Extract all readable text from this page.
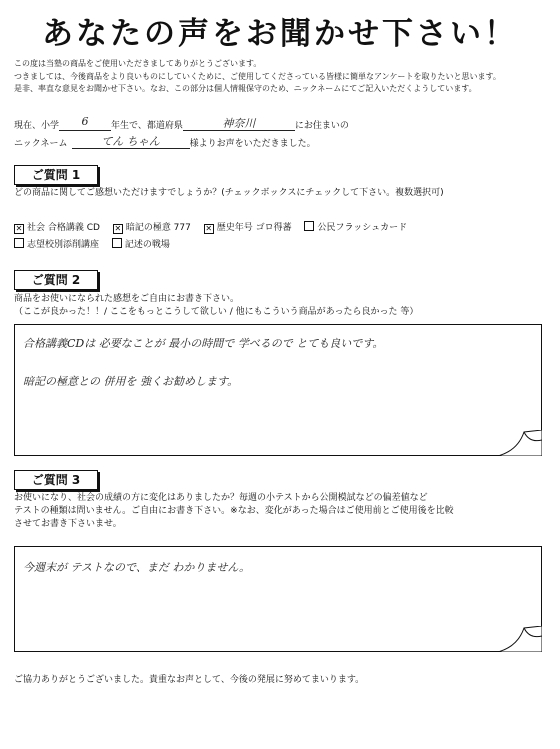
あなたの声をお聞かせ下さい！
この度は当塾の商品をご使用いただきましてありがとうございます。
つきましては、今後商品をより良いものにしていくために、ご使用してくださっている皆様に簡単なアンケートを取りたいと思います。
是非、率直な意見をお聞かせ下さい。なお、この部分は個人情報保守のため、ニックネームにてご記入いただくようしています。
現在、小学 6	年生で、都道府県	神奈川	にお住まいの
ニックネーム	てん ちゃん	様よりお声をいただきました。
ご質問 1
どの商品に関してご感想いただけますでしょうか？(チェックボックスにチェックして下さい。複数選択可)
✕ 社会 合格講義 CD ✕ 暗記の極意 777 ✕ 歴史年号 ゴロ得蕃	公民フラッシュカード
志望校別添削講座	記述の戦場
ご質問 2
商品をお使いになられた感想をご自由にお書き下さい。
（ここが良かった！！/ ここをもっとこうして欲しい / 他にもこういう商品があったら良かった 等）
合格講義CDは 必要なことが 最小の時間で 学べるので とても良いです。
暗記の極意との 併用を 強くお勧めします。
ご質問 3
お使いになり、社会の成績の方に変化はありましたか？毎週の小テストから公開模試などの偏差値など
テストの種類は問いません。ご自由にお書き下さい。※なお、変化があった場合はご使用前とご使用後を比較
させてお書き下さいませ。
今週末が テストなので、まだ わかりません。
ご協力ありがとうございました。貴重なお声として、今後の発展に努めてまいります。
